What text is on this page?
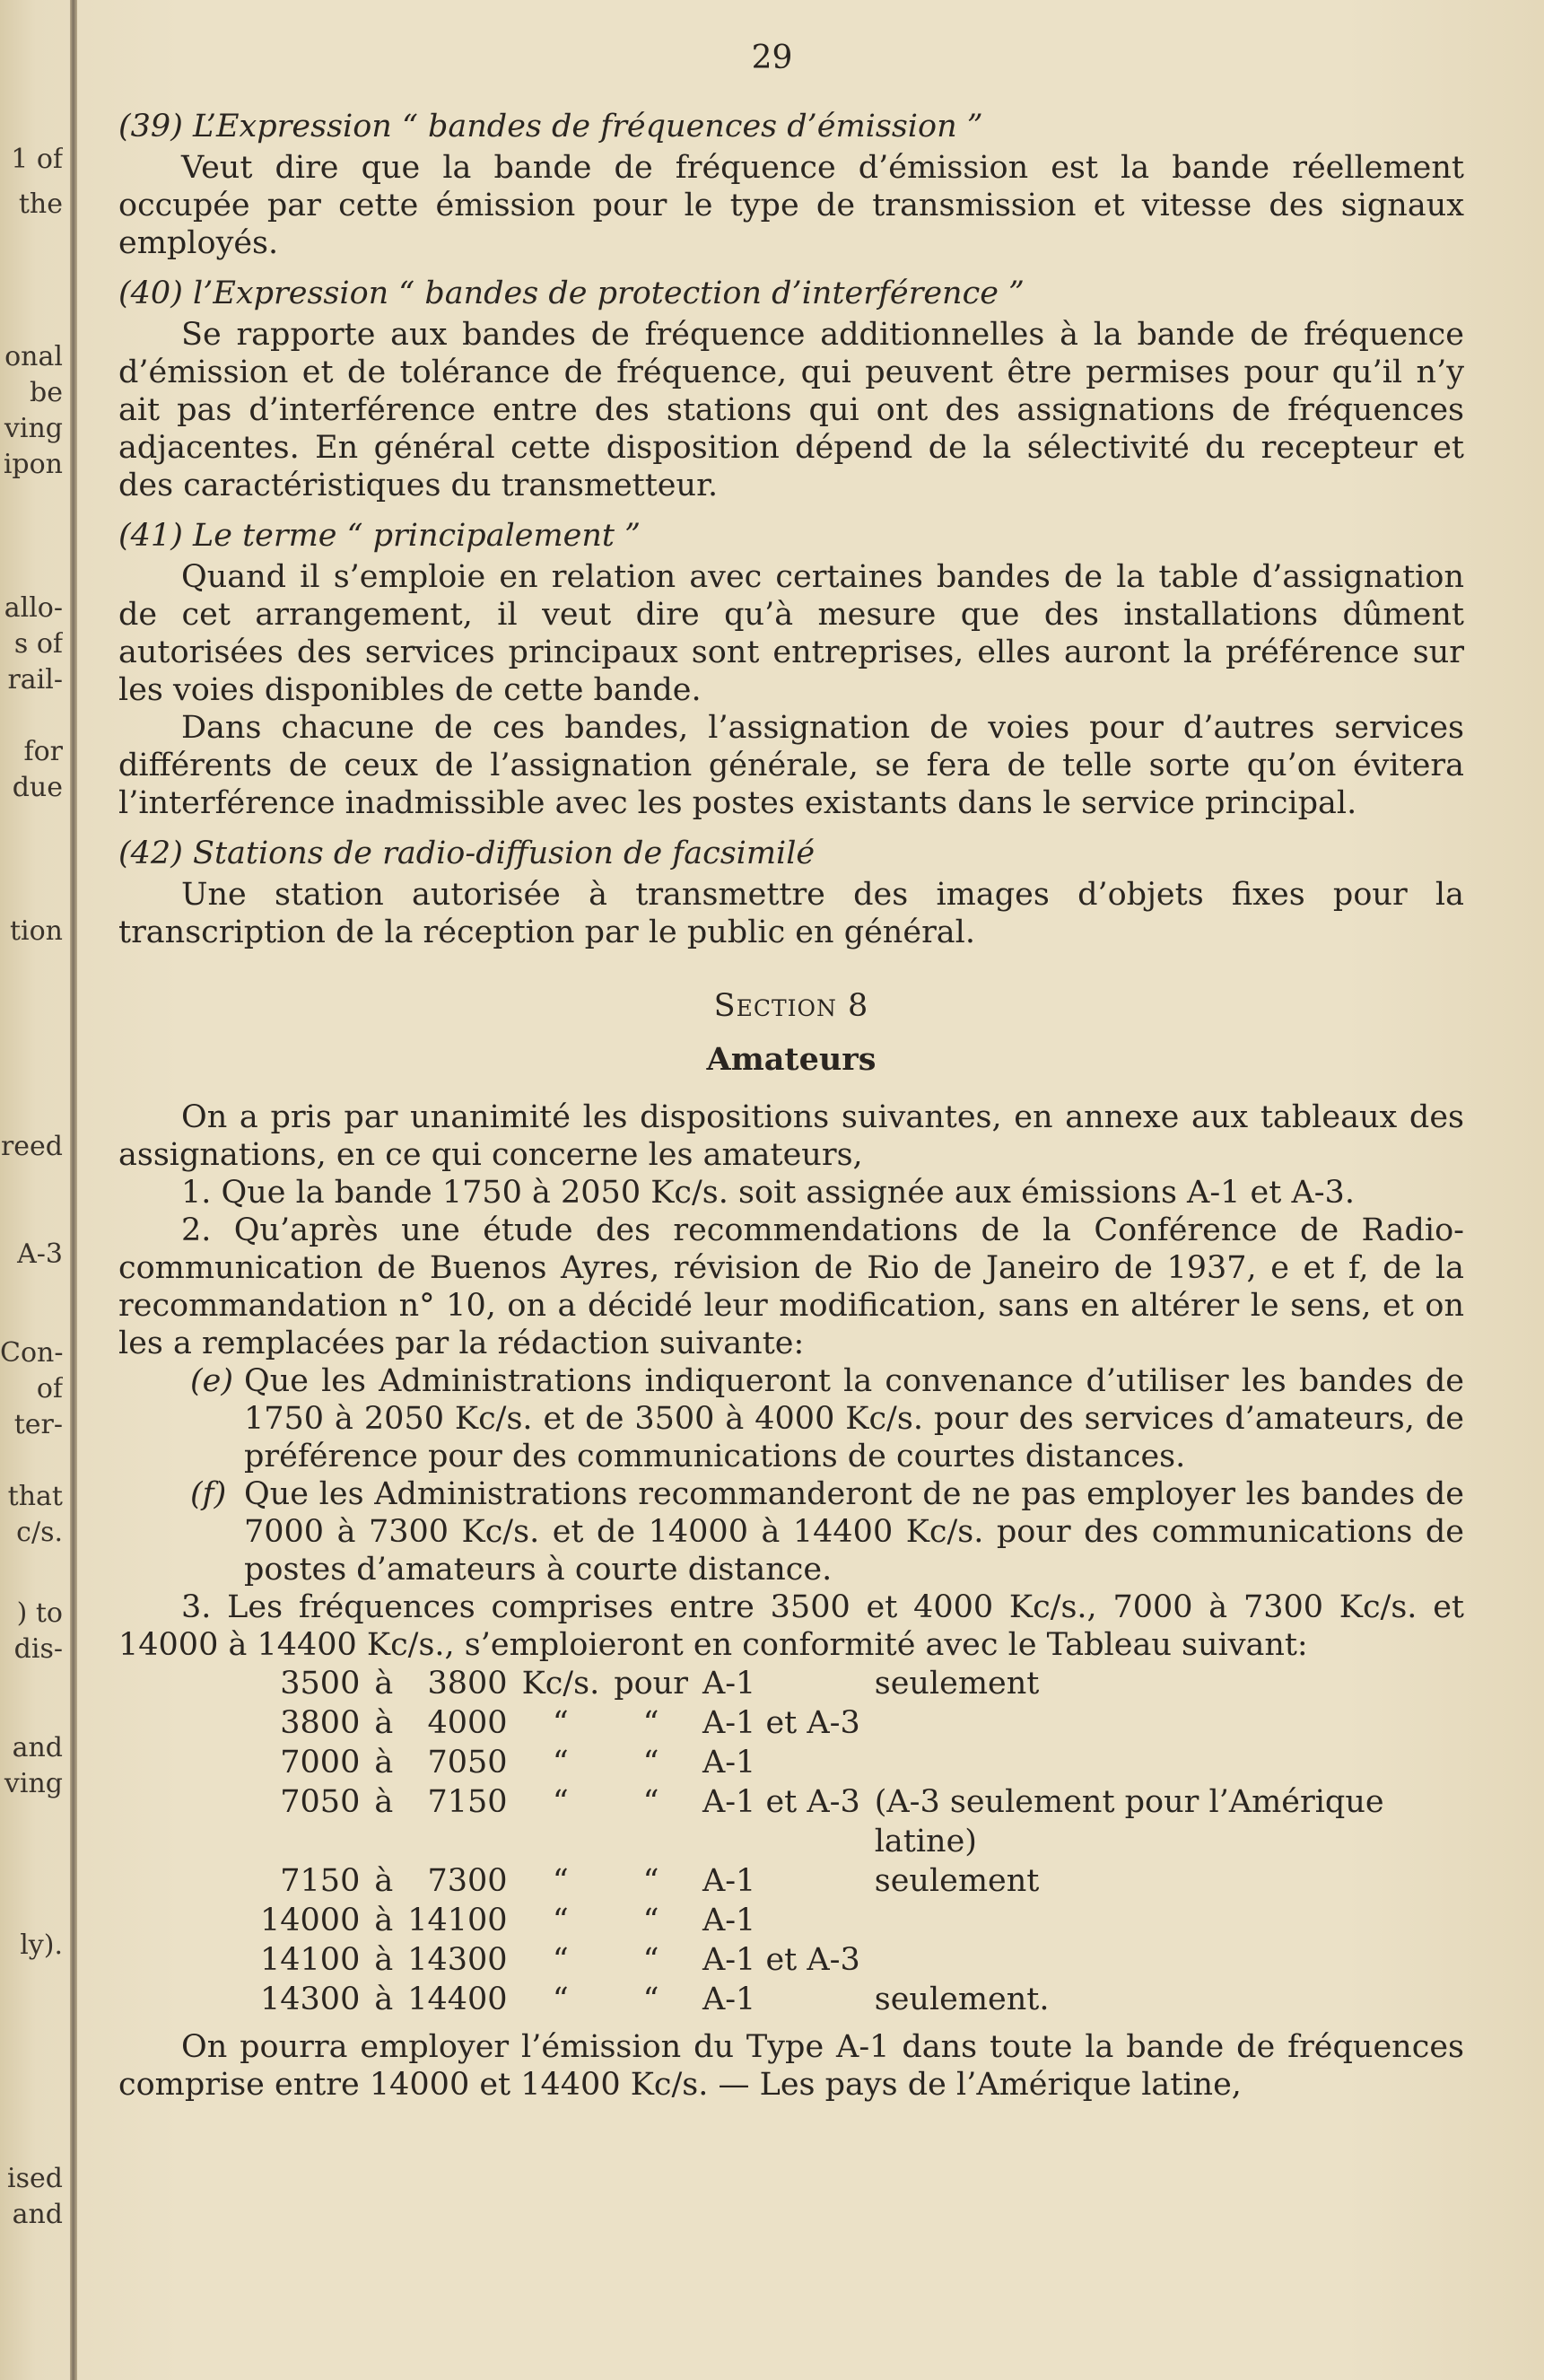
1 of
the
onal
be
ving
ipon
allo-
s of
rail-
for
due
tion
reed
A-3
Con-
of
ter-
that
c/s.
) to
dis-
and
ving
ly).
ised
and
29
(39) L’Expression “ bandes de fréquences d’émission ”

Veut dire que la bande de fréquence d’émission est la bande réellement occupée par cette émission pour le type de transmission et vitesse des signaux employés.

(40) l’Expression “ bandes de protection d’interférence ”

Se rapporte aux bandes de fréquence additionnelles à la bande de fréquence d’émission et de tolérance de fréquence, qui peuvent être permises pour qu’il n’y ait pas d’interférence entre des stations qui ont des assignations de fréquences adjacentes. En général cette disposition dépend de la sélectivité du recepteur et des caractéristiques du transmetteur.

(41) Le terme “ principalement ”

Quand il s’emploie en relation avec certaines bandes de la table d’assignation de cet arrangement, il veut dire qu’à mesure que des installations dûment autorisées des services principaux sont entreprises, elles auront la préférence sur les voies disponibles de cette bande.

Dans chacune de ces bandes, l’assignation de voies pour d’autres services différents de ceux de l’assignation générale, se fera de telle sorte qu’on évitera l’interférence inadmissible avec les postes existants dans le service principal.

(42) Stations de radio-diffusion de facsimilé

Une station autorisée à transmettre des images d’objets fixes pour la transcription de la réception par le public en général.

Section 8
Amateurs

On a pris par unanimité les dispositions suivantes, en annexe aux tableaux des assignations, en ce qui concerne les amateurs,

1. Que la bande 1750 à 2050 Kc/s. soit assignée aux émissions A-1 et A-3.

2. Qu’après une étude des recommendations de la Conférence de Radio-communication de Buenos Ayres, révision de Rio de Janeiro de 1937, e et f, de la recommandation n° 10, on a décidé leur modification, sans en altérer le sens, et on les a remplacées par la rédaction suivante:

(e) Que les Administrations indiqueront la convenance d’utiliser les bandes de 1750 à 2050 Kc/s. et de 3500 à 4000 Kc/s. pour des services d’amateurs, de préférence pour des communications de courtes distances.
(f) Que les Administrations recommanderont de ne pas employer les bandes de 7000 à 7300 Kc/s. et de 14000 à 14400 Kc/s. pour des communications de postes d’amateurs à courte distance.

3. Les fréquences comprises entre 3500 et 4000 Kc/s., 7000 à 7300 Kc/s. et 14000 à 14400 Kc/s., s’emploieront en conformité avec le Tableau suivant:

3500	à	3800	Kc/s.	pour	A-1	seulement
3800	à	4000	“	“	A-1 et A-3	
7000	à	7050	“	“	A-1	
7050	à	7150	“	“	A-1 et A-3	(A-3 seulement pour l’Amérique latine)
7150	à	7300	“	“	A-1	seulement
14000	à	14100	“	“	A-1	
14100	à	14300	“	“	A-1 et A-3	
14300	à	14400	“	“	A-1	seulement.

On pourra employer l’émission du Type A-1 dans toute la bande de fréquences comprise entre 14000 et 14400 Kc/s. — Les pays de l’Amérique latine,
